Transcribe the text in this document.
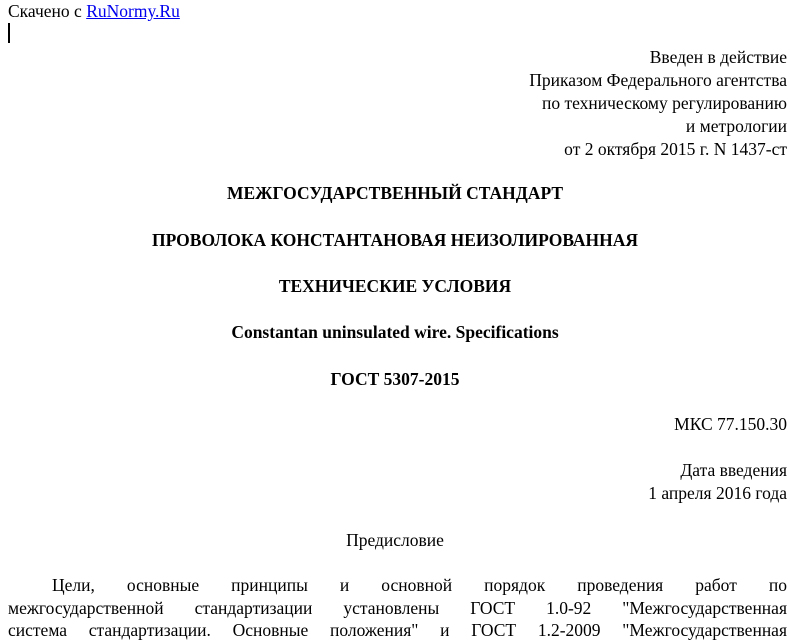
Скачено с RuNormy.Ru
Введен в действие
Приказом Федерального агентства
по техническому регулированию
и метрологии
от 2 октября 2015 г. N 1437-ст
МЕЖГОСУДАРСТВЕННЫЙ СТАНДАРТ
ПРОВОЛОКА КОНСТАНТАНОВАЯ НЕИЗОЛИРОВАННАЯ
ТЕХНИЧЕСКИЕ УСЛОВИЯ
Constantan uninsulated wire. Specifications
ГОСТ 5307-2015
МКС 77.150.30
Дата введения
1 апреля 2016 года
Предисловие
Цели, основные принципы и основной порядок проведения работ по
межгосударственной стандартизации установлены ГОСТ 1.0-92 "Межгосударственная
система стандартизации. Основные положения" и ГОСТ 1.2-2009 "Межгосударственная
